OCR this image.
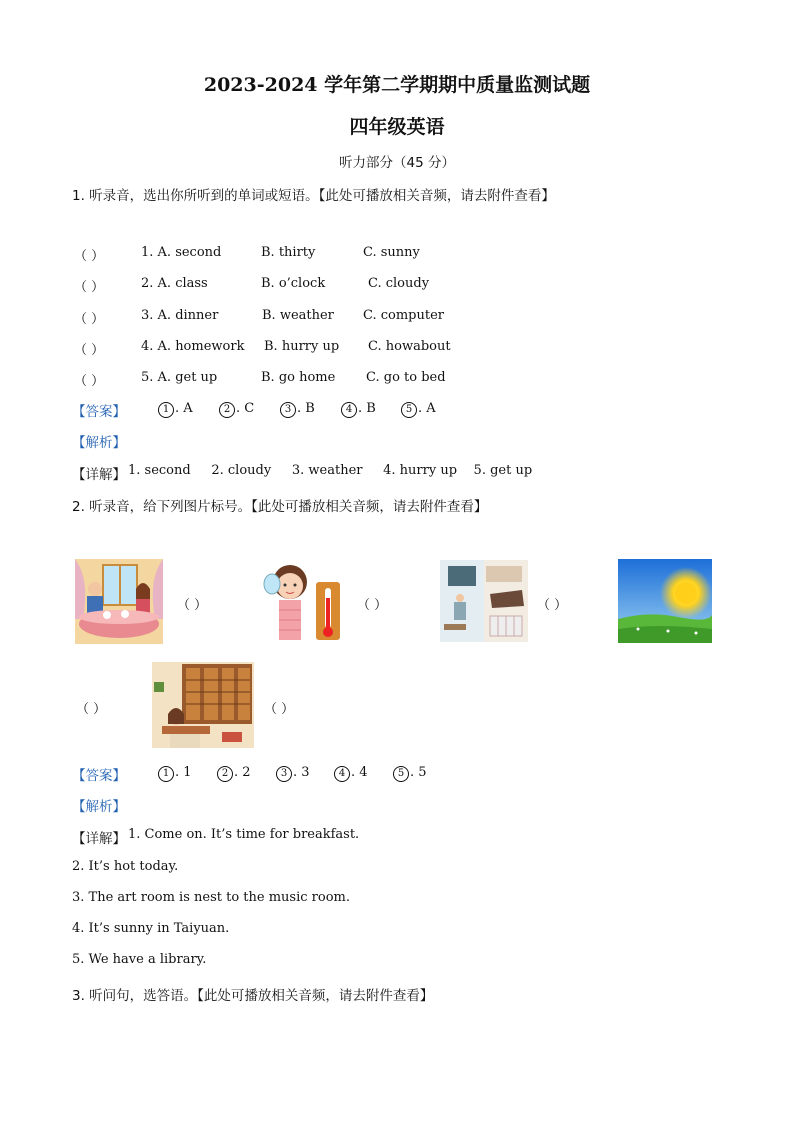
2023-2024 学年第二学期期中质量监测试题
四年级英语
听力部分（45 分）
1. 听录音，选出你所听到的单词或短语。【此处可播放相关音频，请去附件查看】
（ ）	1. A. second	B. thirty	C. sunny
（ ）	2. A. class	B. o’clock	C. cloudy
（ ）	3. A. dinner	B. weather C. computer
（ ）	4. A. homework B. hurry up C. howabout
（ ）	5. A. get up	B. go home C. go to bed
【答案】	1 . A	2 . C	3 . B	4 . B	5 . A
【解析】
【详解】 1. second     2. cloudy     3. weather     4. hurry up    5. get up
2. 听录音，给下列图片标号。【此处可播放相关音频，请去附件查看】
（ ）	（ ）	（ ）
（ ）	（ ）
【答案】	1 . 1	2 . 2	3 . 3	4 . 4	5 . 5
【解析】
【详解】 1. Come on. It’s time for breakfast.
2. It’s hot today.
3. The art room is nest to the music room.
4. It’s sunny in Taiyuan.
5. We have a library.
3. 听问句，选答语。【此处可播放相关音频，请去附件查看】
